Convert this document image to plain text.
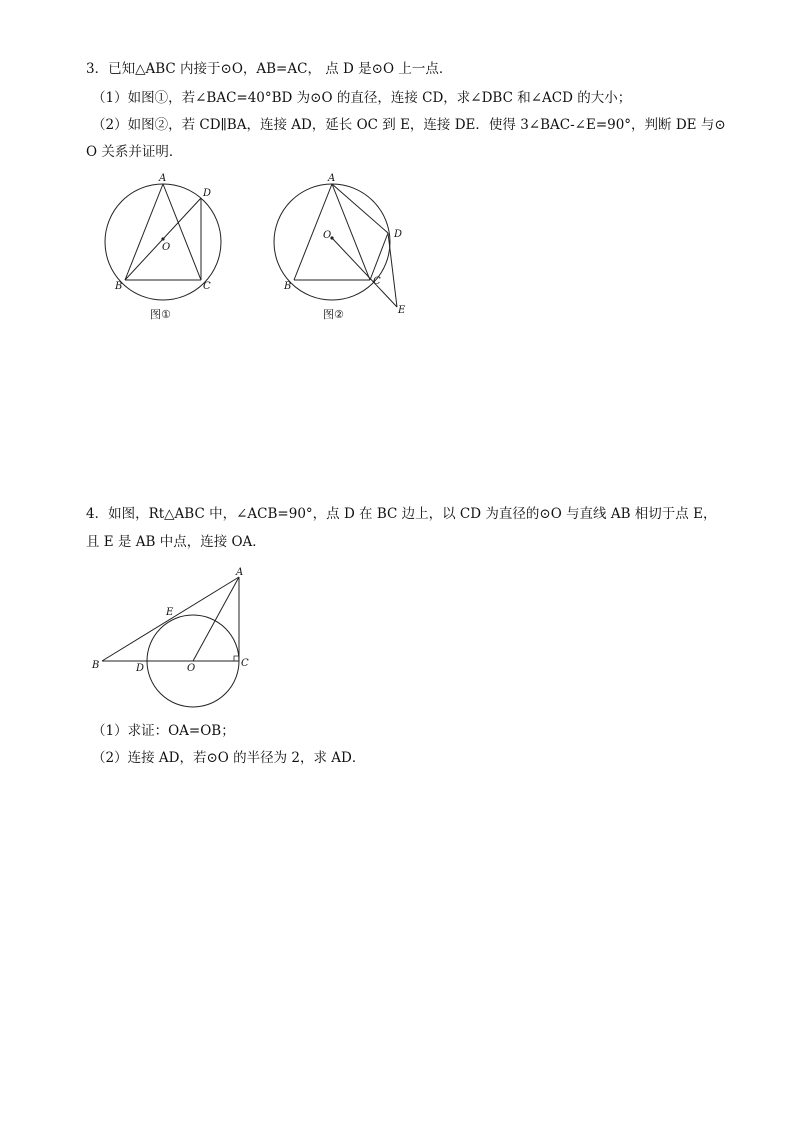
3．已知△ABC 内接于⊙O，AB=AC， 点 D 是⊙O 上一点．
（1）如图①，若∠BAC=40°BD 为⊙O 的直径，连接 CD，求∠DBC 和∠ACD 的大小；
（2）如图②，若 CD∥BA，连接 AD，延长 OC 到 E，连接 DE．使得 3∠BAC-∠E=90°，判断 DE 与⊙
O 关系并证明．
A
D
O
B	C
图①
A
D
O
B	C
E
图②
4．如图，Rt△ABC 中，∠ACB=90°，点 D 在 BC 边上，以 CD 为直径的⊙O 与直线 AB 相切于点 E，
且 E 是 AB 中点，连接 OA．
A
E
B	D	O	C
（1）求证：OA=OB；
（2）连接 AD，若⊙O 的半径为 2，求 AD．
